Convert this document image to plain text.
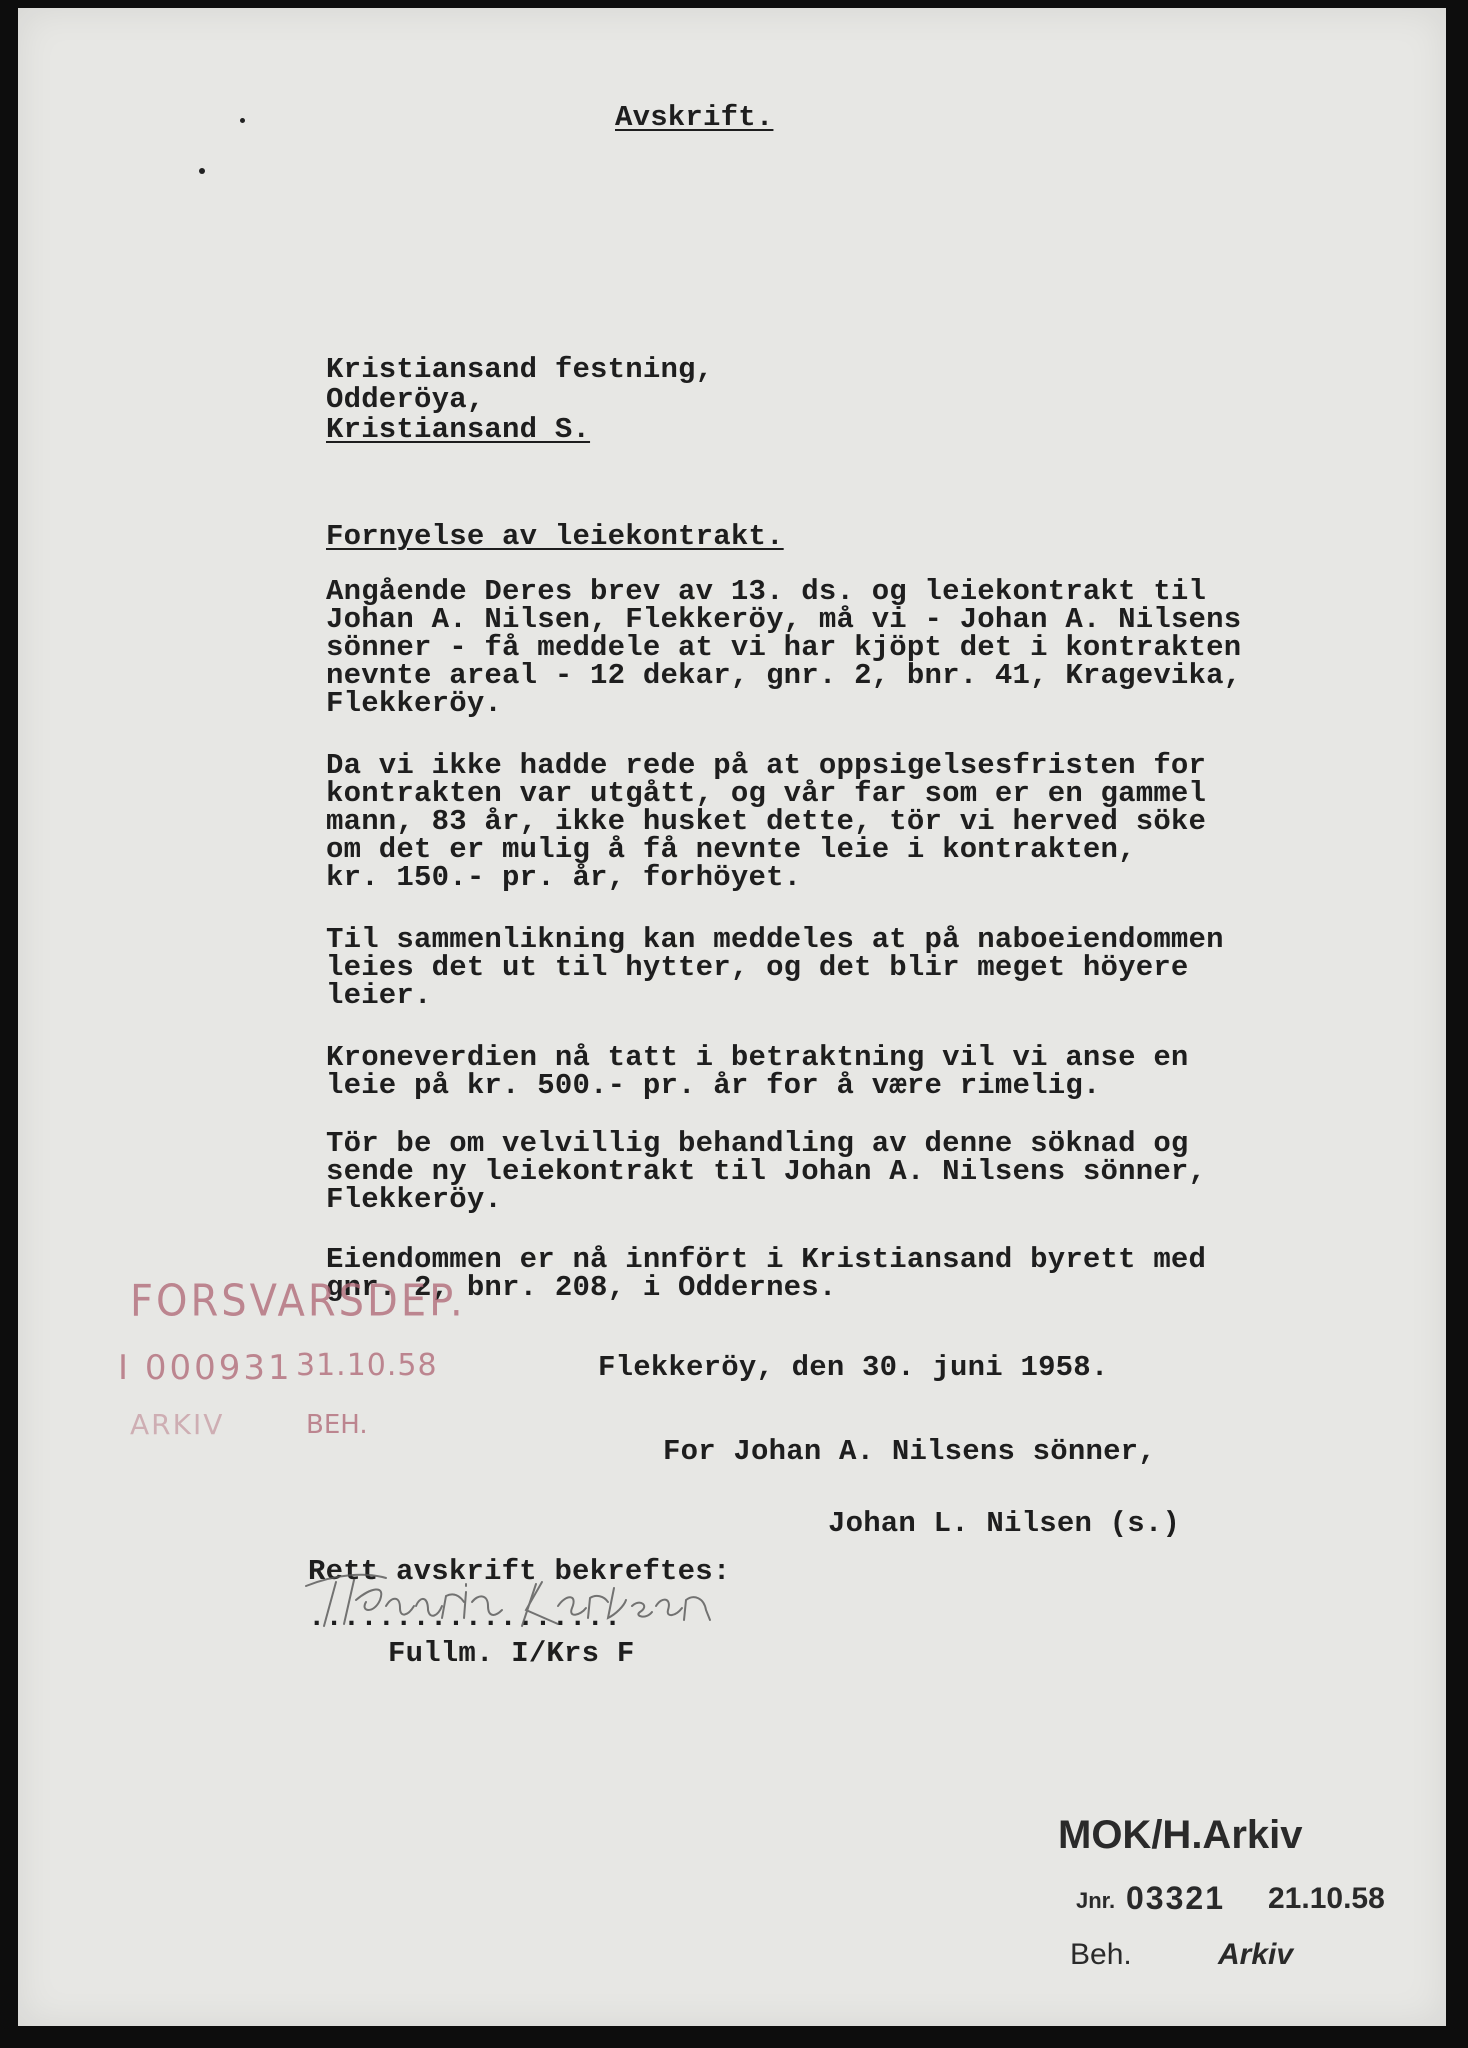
Avskrift.
Kristiansand festning,
Odderöya,
Kristiansand S.
Fornyelse av leiekontrakt.
Angående Deres brev av 13. ds. og leiekontrakt til
Johan A. Nilsen, Flekkeröy, må vi - Johan A. Nilsens
sönner - få meddele at vi har kjöpt det i kontrakten
nevnte areal - 12 dekar, gnr. 2, bnr. 41, Kragevika,
Flekkeröy.
Da vi ikke hadde rede på at oppsigelsesfristen for
kontrakten var utgått, og vår far som er en gammel
mann, 83 år, ikke husket dette, tör vi herved söke
om det er mulig å få nevnte leie i kontrakten,
kr. 150.- pr. år, forhöyet.
Til sammenlikning kan meddeles at på naboeiendommen
leies det ut til hytter, og det blir meget höyere
leier.
Kroneverdien nå tatt i betraktning vil vi anse en
leie på kr. 500.- pr. år for å være rimelig.
Tör be om velvillig behandling av denne söknad og
sende ny leiekontrakt til Johan A. Nilsens sönner,
Flekkeröy.
Eiendommen er nå innfört i Kristiansand byrett med
gnr. 2, bnr. 208, i Oddernes.
Flekkeröy, den 30. juni 1958.
For Johan A. Nilsens sönner,
Johan L. Nilsen (s.)
Rett avskrift bekreftes:
..................
Fullm. I/Krs F
FORSVARSDEP.
I 000931 31.10.58
ARKIV	BEH.
MOK/H.Arkiv
Jnr. 03321 21.10.58
Beh.	Arkiv
